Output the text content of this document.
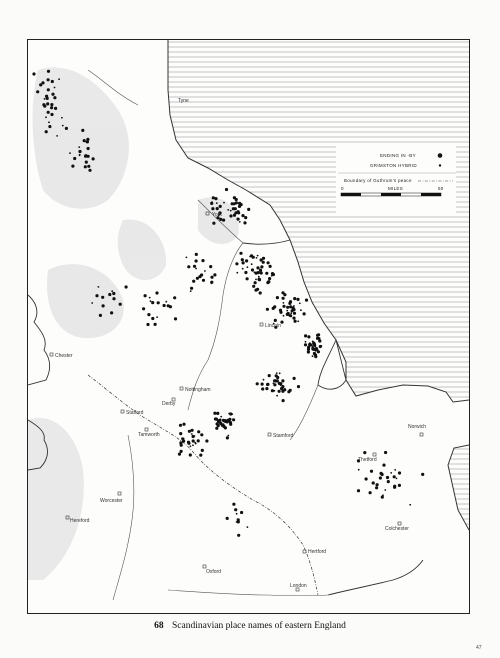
York
Chester
Nottingham
Derby
Stafford
Tamworth
Lincoln
Stamford
Norwich
Thetford
Worcester
Hereford
Colchester
Hertford
Oxford
London
Tyne
ENDING IN -BY
GRIMSTON HYBRID
Boundary of Guthrum's peace
0	MILES	50
68 Scandinavian place names of eastern England
47
